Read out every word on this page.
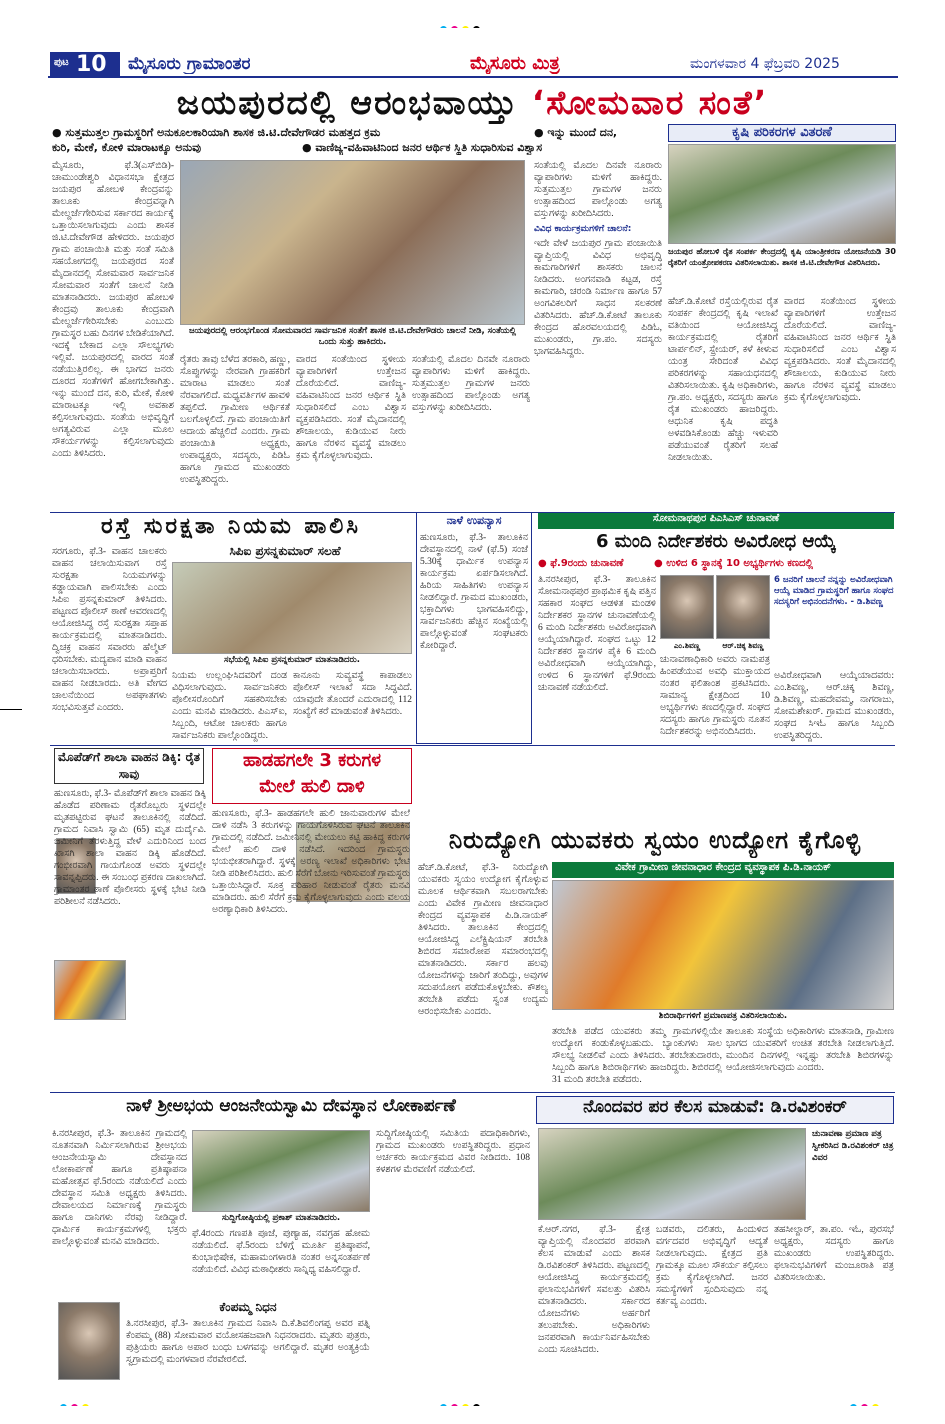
ಪುಟ 10 ಮೈಸೂರು ಗ್ರಾಮಾಂತರ	ಮೈಸೂರು ಮಿತ್ರ	ಮಂಗಳವಾರ 4 ಫೆಬ್ರವರಿ 2025
ಜಯಪುರದಲ್ಲಿ ಆರಂಭವಾಯ್ತು ‘ಸೋಮವಾರ ಸಂತೆ’
● ಸುತ್ತಮುತ್ತಲ ಗ್ರಾಮಸ್ಥರಿಗೆ ಅನುಕೂಲಕಾರಿಯಾಗಿ ಶಾಸಕ ಜಿ.ಟಿ.ದೇವೇಗೌಡರ ಮಹತ್ತದ ಕ್ರಮ	● ಇನ್ನು ಮುಂದೆ ದನ,
ಕುರಿ, ಮೇಕೆ, ಕೋಳಿ ಮಾರಾಟಕ್ಕೂ ಅನುವು	● ವಾಣಿಜ್ಯ-ವಹಿವಾಟಿನಿಂದ ಜನರ ಆರ್ಥಿಕ ಸ್ಥಿತಿ ಸುಧಾರಿಸುವ ವಿಶ್ವಾಸ
ಮೈಸೂರು, ಫೆ.3(ಎಸ್‍ಬಿಡಿ)- ಚಾಮುಂಡೇಶ್ವರಿ ವಿಧಾನಸಭಾ ಕ್ಷೇತ್ರದ ಜಯಪುರ ಹೋಬಳಿ ಕೇಂದ್ರವನ್ನು ತಾಲೂಕು ಕೇಂದ್ರವನ್ನಾಗಿ ಮೇಲ್ದರ್ಜೆಗೇರಿಸುವ ಸರ್ಕಾರದ ಕಾರ್ಯಕ್ಕೆ ಒತ್ತಾಯಿಸಲಾಗುವುದು ಎಂದು ಶಾಸಕ ಜಿ.ಟಿ.ದೇವೇಗೌಡ ಹೇಳಿದರು. ಜಯಪುರ ಗ್ರಾಮ ಪಂಚಾಯಿತಿ ಮತ್ತು ಸಂತೆ ಸಮಿತಿ ಸಹಯೋಗದಲ್ಲಿ ಜಯಪುರದ ಸಂತೆ ಮೈದಾನದಲ್ಲಿ ಸೋಮವಾರ ಸಾರ್ವಜನಿಕ ಸೋಮವಾರ ಸಂತೆಗೆ ಚಾಲನೆ ನೀಡಿ ಮಾತನಾಡಿದರು. ಜಯಪುರ ಹೋಬಳಿ ಕೇಂದ್ರವು ತಾಲೂಕು ಕೇಂದ್ರವಾಗಿ ಮೇಲ್ದರ್ಜೆಗೇರಿಸಬೇಕು ಎಂಬುದು ಗ್ರಾಮಸ್ಥರ ಬಹು ದಿನಗಳ ಬೇಡಿಕೆಯಾಗಿದೆ. ಇದಕ್ಕೆ ಬೇಕಾದ ಎಲ್ಲಾ ಸೌಲಭ್ಯಗಳು ಇಲ್ಲಿವೆ. ಜಯಪುರದಲ್ಲಿ ವಾರದ ಸಂತೆ ನಡೆಯುತ್ತಿರಲಿಲ್ಲ. ಈ ಭಾಗದ ಜನರು ದೂರದ ಸಂತೆಗಳಿಗೆ ಹೋಗಬೇಕಾಗಿತ್ತು. ಇನ್ನು ಮುಂದೆ ದನ, ಕುರಿ, ಮೇಕೆ, ಕೋಳಿ ಮಾರಾಟಕ್ಕೂ ಇಲ್ಲಿ ಅವಕಾಶ ಕಲ್ಪಿಸಲಾಗುವುದು. ಸಂತೆಯ ಅಭಿವೃದ್ಧಿಗೆ ಅಗತ್ಯವಿರುವ ಎಲ್ಲಾ ಮೂಲ ಸೌಕರ್ಯಗಳನ್ನು ಕಲ್ಪಿಸಲಾಗುವುದು ಎಂದು ತಿಳಿಸಿದರು.
ಜಯಪುರದಲ್ಲಿ ಆರಂಭಗೊಂಡ ಸೋಮವಾರದ ಸಾರ್ವಜನಿಕ ಸಂತೆಗೆ ಶಾಸಕ ಜಿ.ಟಿ.ದೇವೇಗೌಡರು ಚಾಲನೆ ನೀಡಿ, ಸಂತೆಯಲ್ಲಿ ಒಂದು ಸುತ್ತು ಹಾಕಿದರು.
ರೈತರು ತಾವು ಬೆಳೆದ ತರಕಾರಿ, ಹಣ್ಣು, ಸೊಪ್ಪುಗಳನ್ನು ನೇರವಾಗಿ ಗ್ರಾಹಕರಿಗೆ ಮಾರಾಟ ಮಾಡಲು ಸಂತೆ ನೆರವಾಗಲಿದೆ. ಮಧ್ಯವರ್ತಿಗಳ ಹಾವಳಿ ತಪ್ಪಲಿದೆ. ಗ್ರಾಮೀಣ ಆರ್ಥಿಕತೆ ಬಲಗೊಳ್ಳಲಿದೆ. ಗ್ರಾಮ ಪಂಚಾಯಿತಿಗೆ ಆದಾಯ ಹೆಚ್ಚಲಿದೆ ಎಂದರು. ಗ್ರಾಮ ಪಂಚಾಯಿತಿ ಅಧ್ಯಕ್ಷರು, ಉಪಾಧ್ಯಕ್ಷರು, ಸದಸ್ಯರು, ಪಿಡಿಓ ಹಾಗೂ ಗ್ರಾಮದ ಮುಖಂಡರು ಉಪಸ್ಥಿತರಿದ್ದರು.
ವಾರದ ಸಂತೆಯಿಂದ ಸ್ಥಳೀಯ ವ್ಯಾಪಾರಿಗಳಿಗೆ ಉತ್ತೇಜನ ದೊರೆಯಲಿದೆ. ವಾಣಿಜ್ಯ-ವಹಿವಾಟಿನಿಂದ ಜನರ ಆರ್ಥಿಕ ಸ್ಥಿತಿ ಸುಧಾರಿಸಲಿದೆ ಎಂಬ ವಿಶ್ವಾಸ ವ್ಯಕ್ತಪಡಿಸಿದರು. ಸಂತೆ ಮೈದಾನದಲ್ಲಿ ಶೌಚಾಲಯ, ಕುಡಿಯುವ ನೀರು ಹಾಗೂ ನೆರಳಿನ ವ್ಯವಸ್ಥೆ ಮಾಡಲು ಕ್ರಮ ಕೈಗೊಳ್ಳಲಾಗುವುದು.
ಸಂತೆಯಲ್ಲಿ ಮೊದಲ ದಿನವೇ ನೂರಾರು ವ್ಯಾಪಾರಿಗಳು ಮಳಿಗೆ ಹಾಕಿದ್ದರು. ಸುತ್ತಮುತ್ತಲ ಗ್ರಾಮಗಳ ಜನರು ಉತ್ಸಾಹದಿಂದ ಪಾಲ್ಗೊಂಡು ಅಗತ್ಯ ವಸ್ತುಗಳನ್ನು ಖರೀದಿಸಿದರು.
ಸಂತೆಯಲ್ಲಿ ಮೊದಲ ದಿನವೇ ನೂರಾರು ವ್ಯಾಪಾರಿಗಳು ಮಳಿಗೆ ಹಾಕಿದ್ದರು. ಸುತ್ತಮುತ್ತಲ ಗ್ರಾಮಗಳ ಜನರು ಉತ್ಸಾಹದಿಂದ ಪಾಲ್ಗೊಂಡು ಅಗತ್ಯ ವಸ್ತುಗಳನ್ನು ಖರೀದಿಸಿದರು.
ವಿವಿಧ ಕಾರ್ಯಕ್ರಮಗಳಿಗೆ ಚಾಲನೆ:
ಇದೇ ವೇಳೆ ಜಯಪುರ ಗ್ರಾಮ ಪಂಚಾಯಿತಿ ವ್ಯಾಪ್ತಿಯಲ್ಲಿ ವಿವಿಧ ಅಭಿವೃದ್ಧಿ ಕಾಮಗಾರಿಗಳಿಗೆ ಶಾಸಕರು ಚಾಲನೆ ನೀಡಿದರು. ಅಂಗನವಾಡಿ ಕಟ್ಟಡ, ರಸ್ತೆ ಕಾಮಗಾರಿ, ಚರಂಡಿ ನಿರ್ಮಾಣ ಹಾಗೂ 57 ಅಂಗವಿಕಲರಿಗೆ ಸಾಧನ ಸಲಕರಣೆ ವಿತರಿಸಿದರು. ಹೆಚ್.ಡಿ.ಕೋಟೆ ತಾಲೂಕು ಕೇಂದ್ರದ ಹೊರವಲಯದಲ್ಲಿ ಪಿಡಿಓ, ಮುಖಂಡರು, ಗ್ರಾ.ಪಂ. ಸದಸ್ಯರು ಭಾಗವಹಿಸಿದ್ದರು.
ಕೃಷಿ ಪರಿಕರಗಳ ವಿತರಣೆ
ಜಯಪುರ ಹೋಬಳಿ ರೈತ ಸಂಪರ್ಕ ಕೇಂದ್ರದಲ್ಲಿ ಕೃಷಿ ಯಾಂತ್ರೀಕರಣ ಯೋಜನೆಯಡಿ 30 ರೈತರಿಗೆ ಯಂತ್ರೋಪಕರಣ ವಿತರಿಸಲಾಯಿತು. ಶಾಸಕ ಜಿ.ಟಿ.ದೇವೇಗೌಡ ವಿತರಿಸಿದರು.
ಹೆಚ್.ಡಿ.ಕೋಟೆ ರಸ್ತೆಯಲ್ಲಿರುವ ರೈತ ಸಂಪರ್ಕ ಕೇಂದ್ರದಲ್ಲಿ ಕೃಷಿ ಇಲಾಖೆ ವತಿಯಿಂದ ಆಯೋಜಿಸಿದ್ದ ಕಾರ್ಯಕ್ರಮದಲ್ಲಿ ರೈತರಿಗೆ ಟಾರ್ಪಲಿನ್, ಸ್ಪ್ರೇಯರ್, ಕಳೆ ಕೀಳುವ ಯಂತ್ರ ಸೇರಿದಂತೆ ವಿವಿಧ ಪರಿಕರಗಳನ್ನು ಸಹಾಯಧನದಲ್ಲಿ ವಿತರಿಸಲಾಯಿತು. ಕೃಷಿ ಅಧಿಕಾರಿಗಳು, ಗ್ರಾ.ಪಂ. ಅಧ್ಯಕ್ಷರು, ಸದಸ್ಯರು ಹಾಗೂ ರೈತ ಮುಖಂಡರು ಹಾಜರಿದ್ದರು. ಆಧುನಿಕ ಕೃಷಿ ಪದ್ಧತಿ ಅಳವಡಿಸಿಕೊಂಡು ಹೆಚ್ಚು ಇಳುವರಿ ಪಡೆಯುವಂತೆ ರೈತರಿಗೆ ಸಲಹೆ ನೀಡಲಾಯಿತು.
ವಾರದ ಸಂತೆಯಿಂದ ಸ್ಥಳೀಯ ವ್ಯಾಪಾರಿಗಳಿಗೆ ಉತ್ತೇಜನ ದೊರೆಯಲಿದೆ. ವಾಣಿಜ್ಯ-ವಹಿವಾಟಿನಿಂದ ಜನರ ಆರ್ಥಿಕ ಸ್ಥಿತಿ ಸುಧಾರಿಸಲಿದೆ ಎಂಬ ವಿಶ್ವಾಸ ವ್ಯಕ್ತಪಡಿಸಿದರು. ಸಂತೆ ಮೈದಾನದಲ್ಲಿ ಶೌಚಾಲಯ, ಕುಡಿಯುವ ನೀರು ಹಾಗೂ ನೆರಳಿನ ವ್ಯವಸ್ಥೆ ಮಾಡಲು ಕ್ರಮ ಕೈಗೊಳ್ಳಲಾಗುವುದು.
ರಸ್ತೆ ಸುರಕ್ಷತಾ ನಿಯಮ ಪಾಲಿಸಿ
ಸಿಪಿಐ ಪ್ರಸನ್ನಕುಮಾರ್ ಸಲಹೆ
ಸರಗೂರು, ಫೆ.3- ವಾಹನ ಚಾಲಕರು ವಾಹನ ಚಲಾಯಿಸುವಾಗ ರಸ್ತೆ ಸುರಕ್ಷತಾ ನಿಯಮಗಳನ್ನು ಕಡ್ಡಾಯವಾಗಿ ಪಾಲಿಸಬೇಕು ಎಂದು ಸಿಪಿಐ ಪ್ರಸನ್ನಕುಮಾರ್ ತಿಳಿಸಿದರು. ಪಟ್ಟಣದ ಪೊಲೀಸ್ ಠಾಣೆ ಆವರಣದಲ್ಲಿ ಆಯೋಜಿಸಿದ್ದ ರಸ್ತೆ ಸುರಕ್ಷತಾ ಸಪ್ತಾಹ ಕಾರ್ಯಕ್ರಮದಲ್ಲಿ ಮಾತನಾಡಿದರು. ದ್ವಿಚಕ್ರ ವಾಹನ ಸವಾರರು ಹೆಲ್ಮೆಟ್ ಧರಿಸಬೇಕು. ಮದ್ಯಪಾನ ಮಾಡಿ ವಾಹನ ಚಲಾಯಿಸಬಾರದು. ಅಪ್ರಾಪ್ತರಿಗೆ ವಾಹನ ನೀಡಬಾರದು. ಅತಿ ವೇಗದ ಚಾಲನೆಯಿಂದ ಅಪಘಾತಗಳು ಸಂಭವಿಸುತ್ತವೆ ಎಂದರು.
ಸಭೆಯಲ್ಲಿ ಸಿಪಿಐ ಪ್ರಸನ್ನಕುಮಾರ್ ಮಾತನಾಡಿದರು.
ನಿಯಮ ಉಲ್ಲಂಘಿಸಿದವರಿಗೆ ದಂಡ ವಿಧಿಸಲಾಗುವುದು. ಸಾರ್ವಜನಿಕರು ಪೊಲೀಸರೊಂದಿಗೆ ಸಹಕರಿಸಬೇಕು ಎಂದು ಮನವಿ ಮಾಡಿದರು. ಪಿಎಸ್‍ಐ, ಸಿಬ್ಬಂದಿ, ಆಟೋ ಚಾಲಕರು ಹಾಗೂ ಸಾರ್ವಜನಿಕರು ಪಾಲ್ಗೊಂಡಿದ್ದರು.
ಕಾನೂನು ಸುವ್ಯವಸ್ಥೆ ಕಾಪಾಡಲು ಪೊಲೀಸ್ ಇಲಾಖೆ ಸದಾ ಸಿದ್ಧವಿದೆ. ಯಾವುದೇ ತೊಂದರೆ ಎದುರಾದಲ್ಲಿ 112 ಸಂಖ್ಯೆಗೆ ಕರೆ ಮಾಡುವಂತೆ ತಿಳಿಸಿದರು.
ನಾಳೆ ಉಪನ್ಯಾಸ
ಹುಣಸೂರು, ಫೆ.3- ತಾಲೂಕಿನ ದೇವಸ್ಥಾನದಲ್ಲಿ ನಾಳೆ (ಫೆ.5) ಸಂಜೆ 5.30ಕ್ಕೆ ಧಾರ್ಮಿಕ ಉಪನ್ಯಾಸ ಕಾರ್ಯಕ್ರಮ ಏರ್ಪಡಿಸಲಾಗಿದೆ. ಹಿರಿಯ ಸಾಹಿತಿಗಳು ಉಪನ್ಯಾಸ ನೀಡಲಿದ್ದಾರೆ. ಗ್ರಾಮದ ಮುಖಂಡರು, ಭಕ್ತಾದಿಗಳು ಭಾಗವಹಿಸಲಿದ್ದು, ಸಾರ್ವಜನಿಕರು ಹೆಚ್ಚಿನ ಸಂಖ್ಯೆಯಲ್ಲಿ ಪಾಲ್ಗೊಳ್ಳುವಂತೆ ಸಂಘಟಕರು ಕೋರಿದ್ದಾರೆ.
ಸೋಮನಾಥಪುರ ಪಿಎಸಿಎಸ್ ಚುನಾವಣೆ
6 ಮಂದಿ ನಿರ್ದೇಶಕರು ಅವಿರೋಧ ಆಯ್ಕೆ
● ಫೆ.9ರಂದು ಚುನಾವಣೆ	● ಉಳಿದ 6 ಸ್ಥಾನಕ್ಕೆ 10 ಅಭ್ಯರ್ಥಿಗಳು ಕಣದಲ್ಲಿ
ತಿ.ನರಸೀಪುರ, ಫೆ.3- ತಾಲೂಕಿನ ಸೋಮನಾಥಪುರ ಪ್ರಾಥಮಿಕ ಕೃಷಿ ಪತ್ತಿನ ಸಹಕಾರ ಸಂಘದ ಆಡಳಿತ ಮಂಡಳಿ ನಿರ್ದೇಶಕರ ಸ್ಥಾನಗಳ ಚುನಾವಣೆಯಲ್ಲಿ 6 ಮಂದಿ ನಿರ್ದೇಶಕರು ಅವಿರೋಧವಾಗಿ ಆಯ್ಕೆಯಾಗಿದ್ದಾರೆ. ಸಂಘದ ಒಟ್ಟು 12 ನಿರ್ದೇಶಕರ ಸ್ಥಾನಗಳ ಪೈಕಿ 6 ಮಂದಿ ಅವಿರೋಧವಾಗಿ ಆಯ್ಕೆಯಾಗಿದ್ದು, ಉಳಿದ 6 ಸ್ಥಾನಗಳಿಗೆ ಫೆ.9ರಂದು ಚುನಾವಣೆ ನಡೆಯಲಿದೆ.
ಎಂ.ಶಿವಣ್ಣ	ಆರ್.ಚಿಕ್ಕ ಶಿವಣ್ಣ
ಚುನಾವಣಾಧಿಕಾರಿ ಅವರು ನಾಮಪತ್ರ ಹಿಂಪಡೆಯುವ ಅವಧಿ ಮುಕ್ತಾಯದ ನಂತರ ಫಲಿತಾಂಶ ಪ್ರಕಟಿಸಿದರು. ಸಾಮಾನ್ಯ ಕ್ಷೇತ್ರದಿಂದ 10 ಅಭ್ಯರ್ಥಿಗಳು ಕಣದಲ್ಲಿದ್ದಾರೆ. ಸಂಘದ ಸದಸ್ಯರು ಹಾಗೂ ಗ್ರಾಮಸ್ಥರು ನೂತನ ನಿರ್ದೇಶಕರನ್ನು ಅಭಿನಂದಿಸಿದರು.
6 ಜನರಿಗೆ ಚಾಲನೆ ನನ್ನನ್ನು ಅವಿರೋಧವಾಗಿ ಆಯ್ಕೆ ಮಾಡಿದ ಗ್ರಾಮಸ್ಥರಿಗೆ ಹಾಗೂ ಸಂಘದ ಸದಸ್ಯರಿಗೆ ಅಭಿನಂದನೆಗಳು. - ಡಿ.ಶಿವಣ್ಣ
ಅವಿರೋಧವಾಗಿ ಆಯ್ಕೆಯಾದವರು: ಎಂ.ಶಿವಣ್ಣ, ಆರ್.ಚಿಕ್ಕ ಶಿವಣ್ಣ, ಡಿ.ಶಿವಣ್ಣ, ಮಹದೇವಮ್ಮ, ನಾಗರಾಜು, ಸೋಮಶೇಖರ್. ಗ್ರಾಮದ ಮುಖಂಡರು, ಸಂಘದ ಸಿಇಓ ಹಾಗೂ ಸಿಬ್ಬಂದಿ ಉಪಸ್ಥಿತರಿದ್ದರು.
ಮೊಪೆಡ್‍ಗೆ ಶಾಲಾ ವಾಹನ ಡಿಕ್ಕಿ: ರೈತ ಸಾವು
ಹುಣಸೂರು, ಫೆ.3- ಮೊಪೆಡ್‍ಗೆ ಶಾಲಾ ವಾಹನ ಡಿಕ್ಕಿ ಹೊಡೆದ ಪರಿಣಾಮ ರೈತರೊಬ್ಬರು ಸ್ಥಳದಲ್ಲೇ ಮೃತಪಟ್ಟಿರುವ ಘಟನೆ ತಾಲೂಕಿನಲ್ಲಿ ನಡೆದಿದೆ. ಗ್ರಾಮದ ನಿವಾಸಿ ಸ್ವಾಮಿ (65) ಮೃತ ದುರ್ದೈವಿ. ಜಮೀನಿಗೆ ತೆರಳುತ್ತಿದ್ದ ವೇಳೆ ಎದುರಿನಿಂದ ಬಂದ ಖಾಸಗಿ ಶಾಲಾ ವಾಹನ ಡಿಕ್ಕಿ ಹೊಡೆದಿದೆ. ಗಂಭೀರವಾಗಿ ಗಾಯಗೊಂಡ ಅವರು ಸ್ಥಳದಲ್ಲೇ ಸಾವನ್ನಪ್ಪಿದರು. ಈ ಸಂಬಂಧ ಪ್ರಕರಣ ದಾಖಲಾಗಿದೆ. ಗ್ರಾಮಾಂತರ ಠಾಣೆ ಪೊಲೀಸರು ಸ್ಥಳಕ್ಕೆ ಭೇಟಿ ನೀಡಿ ಪರಿಶೀಲನೆ ನಡೆಸಿದರು.
ಹಾಡಹಗಲೇ 3 ಕರುಗಳ
ಮೇಲೆ ಹುಲಿ ದಾಳಿ
ಹುಣಸೂರು, ಫೆ.3- ಹಾಡಹಗಲೇ ಹುಲಿ ಜಾನುವಾರುಗಳ ಮೇಲೆ ದಾಳಿ ನಡೆಸಿ 3 ಕರುಗಳನ್ನು ಗಾಯಗೊಳಿಸಿರುವ ಘಟನೆ ತಾಲೂಕಿನ ಗ್ರಾಮದಲ್ಲಿ ನಡೆದಿದೆ. ಜಮೀನಿನಲ್ಲಿ ಮೇಯಲು ಕಟ್ಟಿ ಹಾಕಿದ್ದ ಕರುಗಳ ಮೇಲೆ ಹುಲಿ ದಾಳಿ ನಡೆಸಿದೆ. ಇದರಿಂದ ಗ್ರಾಮಸ್ಥರು ಭಯಭೀತರಾಗಿದ್ದಾರೆ. ಸ್ಥಳಕ್ಕೆ ಅರಣ್ಯ ಇಲಾಖೆ ಅಧಿಕಾರಿಗಳು ಭೇಟಿ ನೀಡಿ ಪರಿಶೀಲಿಸಿದರು. ಹುಲಿ ಸೆರೆಗೆ ಬೋನು ಇರಿಸುವಂತೆ ಗ್ರಾಮಸ್ಥರು ಒತ್ತಾಯಿಸಿದ್ದಾರೆ. ಸೂಕ್ತ ಪರಿಹಾರ ನೀಡುವಂತೆ ರೈತರು ಮನವಿ ಮಾಡಿದರು. ಹುಲಿ ಸೆರೆಗೆ ಕ್ರಮ ಕೈಗೊಳ್ಳಲಾಗುವುದು ಎಂದು ವಲಯ ಅರಣ್ಯಾಧಿಕಾರಿ ತಿಳಿಸಿದರು.
ನಿರುದ್ಯೋಗಿ ಯುವಕರು ಸ್ವಯಂ ಉದ್ಯೋಗ ಕೈಗೊಳ್ಳಿ
ಹೆಚ್.ಡಿ.ಕೋಟೆ, ಫೆ.3- ನಿರುದ್ಯೋಗಿ ಯುವಕರು ಸ್ವಯಂ ಉದ್ಯೋಗ ಕೈಗೊಳ್ಳುವ ಮೂಲಕ ಆರ್ಥಿಕವಾಗಿ ಸಬಲರಾಗಬೇಕು ಎಂದು ವಿವೇಕ ಗ್ರಾಮೀಣ ಜೀವನಾಧಾರ ಕೇಂದ್ರದ ವ್ಯವಸ್ಥಾಪಕ ಪಿ.ಡಿ.ನಾಯಕ್ ತಿಳಿಸಿದರು. ತಾಲೂಕಿನ ಕೇಂದ್ರದಲ್ಲಿ ಆಯೋಜಿಸಿದ್ದ ಎಲೆಕ್ಟ್ರಿಷಿಯನ್ ತರಬೇತಿ ಶಿಬಿರದ ಸಮಾರೋಪ ಸಮಾರಂಭದಲ್ಲಿ ಮಾತನಾಡಿದರು. ಸರ್ಕಾರ ಹಲವು ಯೋಜನೆಗಳನ್ನು ಜಾರಿಗೆ ತಂದಿದ್ದು, ಅವುಗಳ ಸದುಪಯೋಗ ಪಡೆದುಕೊಳ್ಳಬೇಕು. ಕೌಶಲ್ಯ ತರಬೇತಿ ಪಡೆದು ಸ್ವಂತ ಉದ್ಯಮ ಆರಂಭಿಸಬೇಕು ಎಂದರು.
ವಿವೇಕ ಗ್ರಾಮೀಣ ಜೀವನಾಧಾರ ಕೇಂದ್ರದ ವ್ಯವಸ್ಥಾಪಕ ಪಿ.ಡಿ.ನಾಯಕ್
ಶಿಬಿರಾರ್ಥಿಗಳಿಗೆ ಪ್ರಮಾಣಪತ್ರ ವಿತರಿಸಲಾಯಿತು.
ತರಬೇತಿ ಪಡೆದ ಯುವಕರು ತಮ್ಮ ಗ್ರಾಮಗಳಲ್ಲಿಯೇ ಉದ್ಯೋಗ ಕಂಡುಕೊಳ್ಳಬಹುದು. ಬ್ಯಾಂಕುಗಳು ಸಾಲ ಸೌಲಭ್ಯ ನೀಡಲಿವೆ ಎಂದು ತಿಳಿಸಿದರು. ತರಬೇತುದಾರರು, ಸಿಬ್ಬಂದಿ ಹಾಗೂ ಶಿಬಿರಾರ್ಥಿಗಳು ಹಾಜರಿದ್ದರು. ಶಿಬಿರದಲ್ಲಿ 31 ಮಂದಿ ತರಬೇತಿ ಪಡೆದರು.
ತಾಲೂಕು ಸಂಸ್ಥೆಯ ಅಧಿಕಾರಿಗಳು ಮಾತನಾಡಿ, ಗ್ರಾಮೀಣ ಭಾಗದ ಯುವಕರಿಗೆ ಉಚಿತ ತರಬೇತಿ ನೀಡಲಾಗುತ್ತಿದೆ. ಮುಂದಿನ ದಿನಗಳಲ್ಲಿ ಇನ್ನಷ್ಟು ತರಬೇತಿ ಶಿಬಿರಗಳನ್ನು ಆಯೋಜಿಸಲಾಗುವುದು ಎಂದರು.
ನಾಳೆ ಶ್ರೀಅಭಯ ಆಂಜನೇಯಸ್ವಾಮಿ ದೇವಸ್ಥಾನ ಲೋಕಾರ್ಪಣೆ
ಕಿ.ನರಸೀಪುರ, ಫೆ.3- ತಾಲೂಕಿನ ಗ್ರಾಮದಲ್ಲಿ ನೂತನವಾಗಿ ನಿರ್ಮಿಸಲಾಗಿರುವ ಶ್ರೀಅಭಯ ಆಂಜನೇಯಸ್ವಾಮಿ ದೇವಸ್ಥಾನದ ಲೋಕಾರ್ಪಣೆ ಹಾಗೂ ಪ್ರತಿಷ್ಠಾಪನಾ ಮಹೋತ್ಸವ ಫೆ.5ರಂದು ನಡೆಯಲಿದೆ ಎಂದು ದೇವಸ್ಥಾನ ಸಮಿತಿ ಅಧ್ಯಕ್ಷರು ತಿಳಿಸಿದರು. ದೇವಾಲಯದ ನಿರ್ಮಾಣಕ್ಕೆ ಗ್ರಾಮಸ್ಥರು ಹಾಗೂ ದಾನಿಗಳು ನೆರವು ನೀಡಿದ್ದಾರೆ. ಧಾರ್ಮಿಕ ಕಾರ್ಯಕ್ರಮಗಳಲ್ಲಿ ಭಕ್ತರು ಪಾಲ್ಗೊಳ್ಳುವಂತೆ ಮನವಿ ಮಾಡಿದರು.
ಸುದ್ದಿಗೋಷ್ಠಿಯಲ್ಲಿ ಪ್ರಕಾಶ್ ಮಾತನಾಡಿದರು.
ಫೆ.4ರಂದು ಗಣಪತಿ ಪೂಜೆ, ಪುಣ್ಯಾಹ, ನವಗ್ರಹ ಹೋಮ ನಡೆಯಲಿದೆ. ಫೆ.5ರಂದು ಬೆಳಿಗ್ಗೆ ಮೂರ್ತಿ ಪ್ರತಿಷ್ಠಾಪನೆ, ಕುಂಭಾಭಿಷೇಕ, ಮಹಾಮಂಗಳಾರತಿ ನಂತರ ಅನ್ನಸಂತರ್ಪಣೆ ನಡೆಯಲಿದೆ. ವಿವಿಧ ಮಠಾಧೀಶರು ಸಾನ್ನಿಧ್ಯ ವಹಿಸಲಿದ್ದಾರೆ.
ಸುದ್ದಿಗೋಷ್ಠಿಯಲ್ಲಿ ಸಮಿತಿಯ ಪದಾಧಿಕಾರಿಗಳು, ಗ್ರಾಮದ ಮುಖಂಡರು ಉಪಸ್ಥಿತರಿದ್ದರು. ಪ್ರಧಾನ ಅರ್ಚಕರು ಕಾರ್ಯಕ್ರಮದ ವಿವರ ನೀಡಿದರು. 108 ಕಳಶಗಳ ಮೆರವಣಿಗೆ ನಡೆಯಲಿದೆ.
ಕೆಂಪಮ್ಮ ನಿಧನ
ತಿ.ನರಸೀಪುರ, ಫೆ.3- ತಾಲೂಕಿನ ಗ್ರಾಮದ ನಿವಾಸಿ ದಿ.ಕೆ.ಶಿವಲಿಂಗಪ್ಪ ಅವರ ಪತ್ನಿ ಕೆಂಪಮ್ಮ (88) ಸೋಮವಾರ ವಯೋಸಹಜವಾಗಿ ನಿಧನರಾದರು. ಮೃತರು ಪುತ್ರರು, ಪುತ್ರಿಯರು ಹಾಗೂ ಅಪಾರ ಬಂಧು ಬಳಗವನ್ನು ಅಗಲಿದ್ದಾರೆ. ಮೃತರ ಅಂತ್ಯಕ್ರಿಯೆ ಸ್ವಗ್ರಾಮದಲ್ಲಿ ಮಂಗಳವಾರ ನೆರವೇರಲಿದೆ.
ನೊಂದವರ ಪರ ಕೆಲಸ ಮಾಡುವೆ: ಡಿ.ರವಿಶಂಕರ್
ಚುನಾವಣಾ ಪ್ರಮಾಣ ಪತ್ರ ಸ್ವೀಕರಿಸಿದ ಡಿ.ರವಿಶಂಕರ್ ಚಿತ್ರ ವಿವರ
ಕೆ.ಆರ್.ನಗರ, ಫೆ.3- ಕ್ಷೇತ್ರ ವ್ಯಾಪ್ತಿಯಲ್ಲಿ ನೊಂದವರ ಪರವಾಗಿ ಕೆಲಸ ಮಾಡುವೆ ಎಂದು ಶಾಸಕ ಡಿ.ರವಿಶಂಕರ್ ತಿಳಿಸಿದರು. ಪಟ್ಟಣದಲ್ಲಿ ಆಯೋಜಿಸಿದ್ದ ಕಾರ್ಯಕ್ರಮದಲ್ಲಿ ಫಲಾನುಭವಿಗಳಿಗೆ ಸವಲತ್ತು ವಿತರಿಸಿ ಮಾತನಾಡಿದರು. ಸರ್ಕಾರದ ಯೋಜನೆಗಳು ಅರ್ಹರಿಗೆ ತಲುಪಬೇಕು. ಅಧಿಕಾರಿಗಳು ಜನಪರವಾಗಿ ಕಾರ್ಯನಿರ್ವಹಿಸಬೇಕು ಎಂದು ಸೂಚಿಸಿದರು.
ಬಡವರು, ದಲಿತರು, ಹಿಂದುಳಿದ ವರ್ಗದವರ ಅಭಿವೃದ್ಧಿಗೆ ಆದ್ಯತೆ ನೀಡಲಾಗುವುದು. ಕ್ಷೇತ್ರದ ಪ್ರತಿ ಗ್ರಾಮಕ್ಕೂ ಮೂಲ ಸೌಕರ್ಯ ಕಲ್ಪಿಸಲು ಕ್ರಮ ಕೈಗೊಳ್ಳಲಾಗಿದೆ. ಜನರ ಸಮಸ್ಯೆಗಳಿಗೆ ಸ್ಪಂದಿಸುವುದು ನನ್ನ ಕರ್ತವ್ಯ ಎಂದರು.
ತಹಸೀಲ್ದಾರ್, ತಾ.ಪಂ. ಇಓ, ಪುರಸಭೆ ಅಧ್ಯಕ್ಷರು, ಸದಸ್ಯರು ಹಾಗೂ ಮುಖಂಡರು ಉಪಸ್ಥಿತರಿದ್ದರು. ಫಲಾನುಭವಿಗಳಿಗೆ ಮಂಜೂರಾತಿ ಪತ್ರ ವಿತರಿಸಲಾಯಿತು.
